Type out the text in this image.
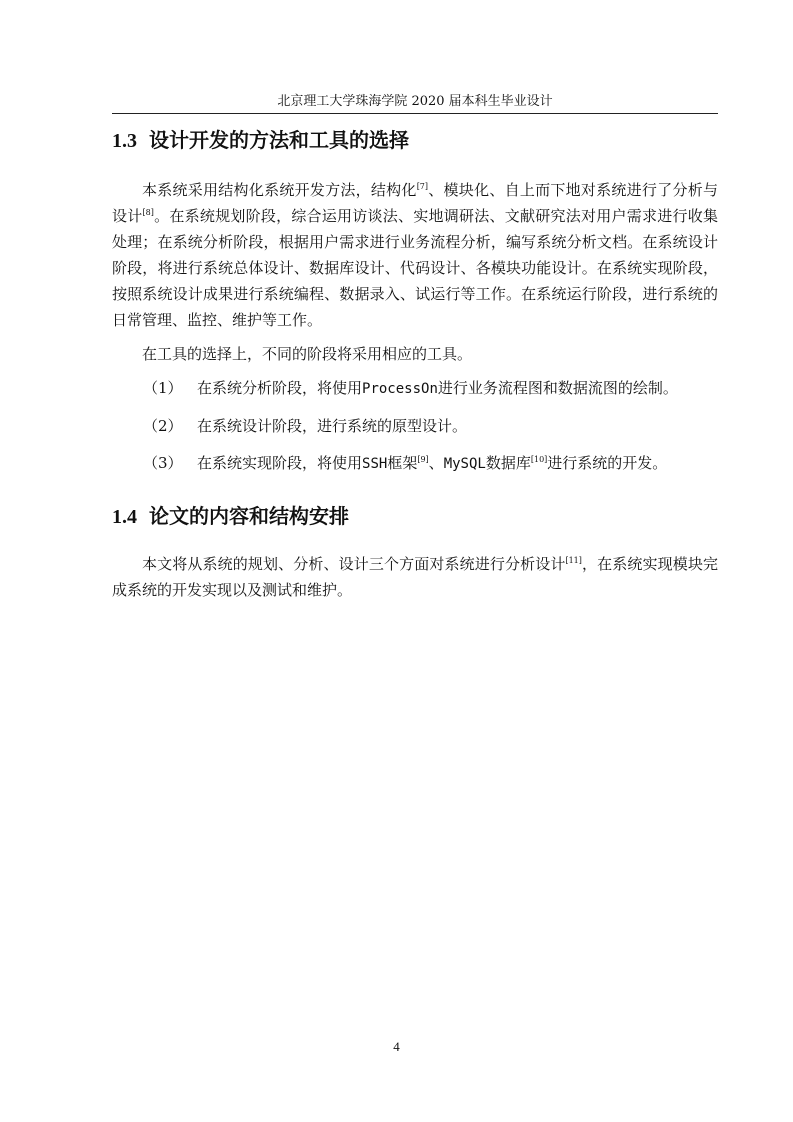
北京理工大学珠海学院 2020 届本科生毕业设计
1.3 设计开发的方法和工具的选择

本系统采用结构化系统开发方法，结构化[7]、模块化、自上而下地对系统进行了分析与设计[8]。在系统规划阶段，综合运用访谈法、实地调研法、文献研究法对用户需求进行收集处理；在系统分析阶段，根据用户需求进行业务流程分析，编写系统分析文档。在系统设计阶段，将进行系统总体设计、数据库设计、代码设计、各模块功能设计。在系统实现阶段，按照系统设计成果进行系统编程、数据录入、试运行等工作。在系统运行阶段，进行系统的日常管理、监控、维护等工作。

在工具的选择上，不同的阶段将采用相应的工具。

（1） 在系统分析阶段，将使用ProcessOn进行业务流程图和数据流图的绘制。
（2） 在系统设计阶段，进行系统的原型设计。
（3） 在系统实现阶段，将使用SSH框架[9]、MySQL数据库[10]进行系统的开发。
1.4 论文的内容和结构安排

本文将从系统的规划、分析、设计三个方面对系统进行分析设计[11]，在系统实现模块完成系统的开发实现以及测试和维护。

4
